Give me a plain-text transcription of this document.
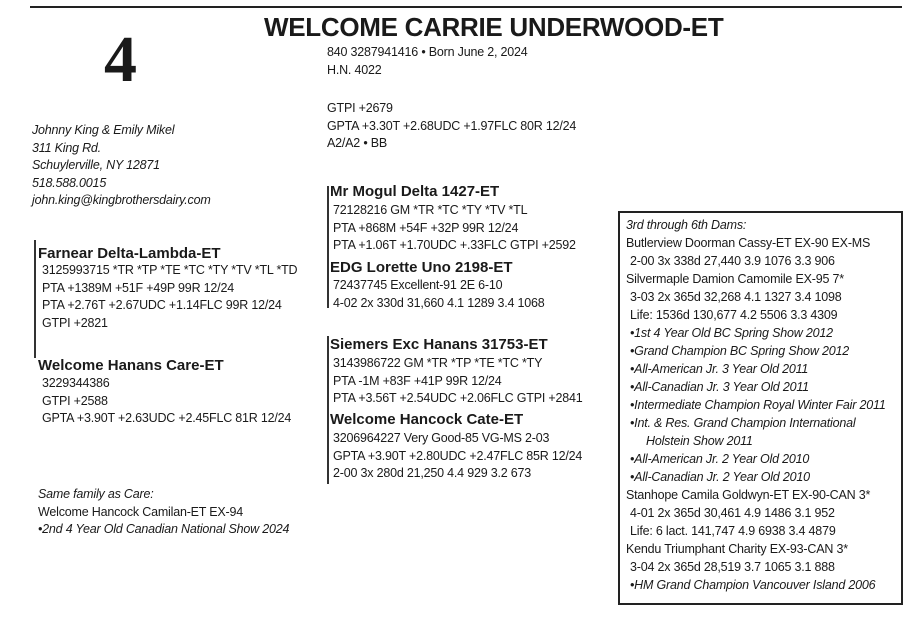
4	WELCOME CARRIE UNDERWOOD-ET
840 3287941416 • Born June 2, 2024
H.N. 4022
GTPI +2679
GPTA +3.30T +2.68UDC +1.97FLC 80R 12/24
A2/A2 • BB
Johnny King & Emily Mikel
311 King Rd.
Schuylerville, NY 12871
518.588.0015
john.king@kingbrothersdairy.com
Farnear Delta-Lambda-ET
3125993715 *TR *TP *TE *TC *TY *TV *TL *TD
PTA +1389M +51F +49P 99R 12/24
PTA +2.76T +2.67UDC +1.14FLC 99R 12/24
GTPI +2821
Welcome Hanans Care-ET
3229344386
GTPI +2588
GPTA +3.90T +2.63UDC +2.45FLC 81R 12/24
Same family as Care:
Welcome Hancock Camilan-ET EX-94
•2nd 4 Year Old Canadian National Show 2024
Mr Mogul Delta 1427-ET
72128216 GM *TR *TC *TY *TV *TL
PTA +868M +54F +32P 99R 12/24
PTA +1.06T +1.70UDC +.33FLC GTPI +2592
EDG Lorette Uno 2198-ET
72437745 Excellent-91 2E 6-10
4-02 2x 330d 31,660 4.1 1289 3.4 1068
Siemers Exc Hanans 31753-ET
3143986722 GM *TR *TP *TE *TC *TY
PTA -1M +83F +41P 99R 12/24
PTA +3.56T +2.54UDC +2.06FLC GTPI +2841
Welcome Hancock Cate-ET
3206964227 Very Good-85 VG-MS 2-03
GPTA +3.90T +2.80UDC +2.47FLC 85R 12/24
2-00 3x 280d 21,250 4.4 929 3.2 673
3rd through 6th Dams:
Butlerview Doorman Cassy-ET EX-90 EX-MS
2-00 3x 338d 27,440 3.9 1076 3.3 906
Silvermaple Damion Camomile EX-95 7*
3-03 2x 365d 32,268 4.1 1327 3.4 1098
Life: 1536d 130,677 4.2 5506 3.3 4309
•1st 4 Year Old BC Spring Show 2012
•Grand Champion BC Spring Show 2012
•All-American Jr. 3 Year Old 2011
•All-Canadian Jr. 3 Year Old 2011
•Intermediate Champion Royal Winter Fair 2011
•Int. & Res. Grand Champion International
Holstein Show 2011
•All-American Jr. 2 Year Old 2010
•All-Canadian Jr. 2 Year Old 2010
Stanhope Camila Goldwyn-ET EX-90-CAN 3*
4-01 2x 365d 30,461 4.9 1486 3.1 952
Life: 6 lact. 141,747 4.9 6938 3.4 4879
Kendu Triumphant Charity EX-93-CAN 3*
3-04 2x 365d 28,519 3.7 1065 3.1 888
•HM Grand Champion Vancouver Island 2006
